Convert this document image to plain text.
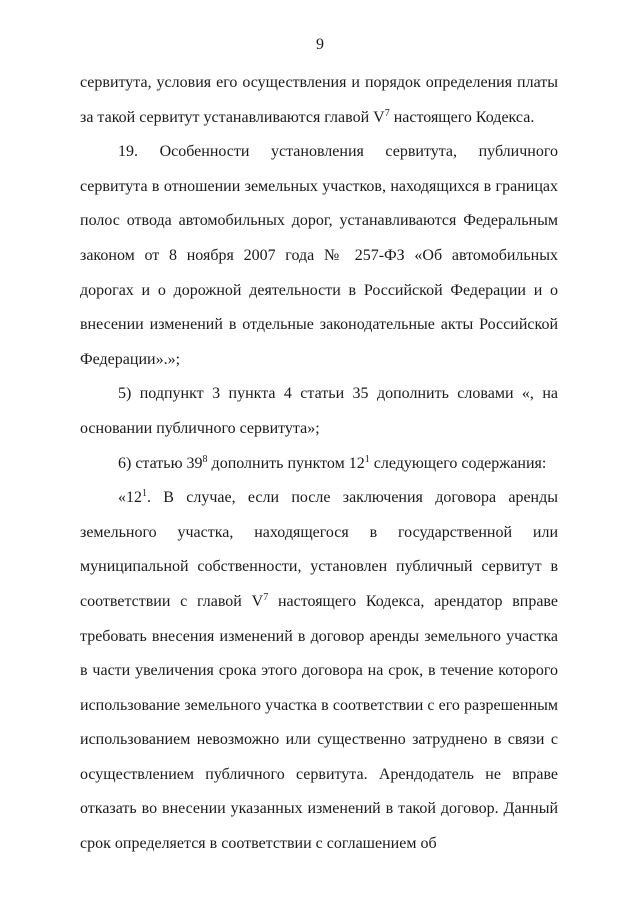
9

сервитута, условия его осуществления и порядок определения платы за такой сервитут устанавливаются главой $V^7$ настоящего Кодекса.

19. Особенности установления сервитута, публичного сервитута в отношении земельных участков, находящихся в границах полос отвода автомобильных дорог, устанавливаются Федеральным законом от 8 ноября 2007 года № 257-ФЗ «Об автомобильных дорогах и о дорожной деятельности в Российской Федерации и о внесении изменений в отдельные законодательные акты Российской Федерации».»;

5) подпункт 3 пункта 4 статьи 35 дополнить словами «, на основании публичного сервитута»;

6) статью $39^8$ дополнить пунктом $12^1$ следующего содержания:

«$12^1$. В случае, если после заключения договора аренды земельного участка, находящегося в государственной или муниципальной собственности, установлен публичный сервитут в соответствии с главой $V^7$ настоящего Кодекса, арендатор вправе требовать внесения изменений в договор аренды земельного участка в части увеличения срока этого договора на срок, в течение которого использование земельного участка в соответствии с его разрешенным использованием невозможно или существенно затруднено в связи с осуществлением публичного сервитута. Арендодатель не вправе отказать во внесении указанных изменений в такой договор. Данный срок определяется в соответствии с соглашением об
